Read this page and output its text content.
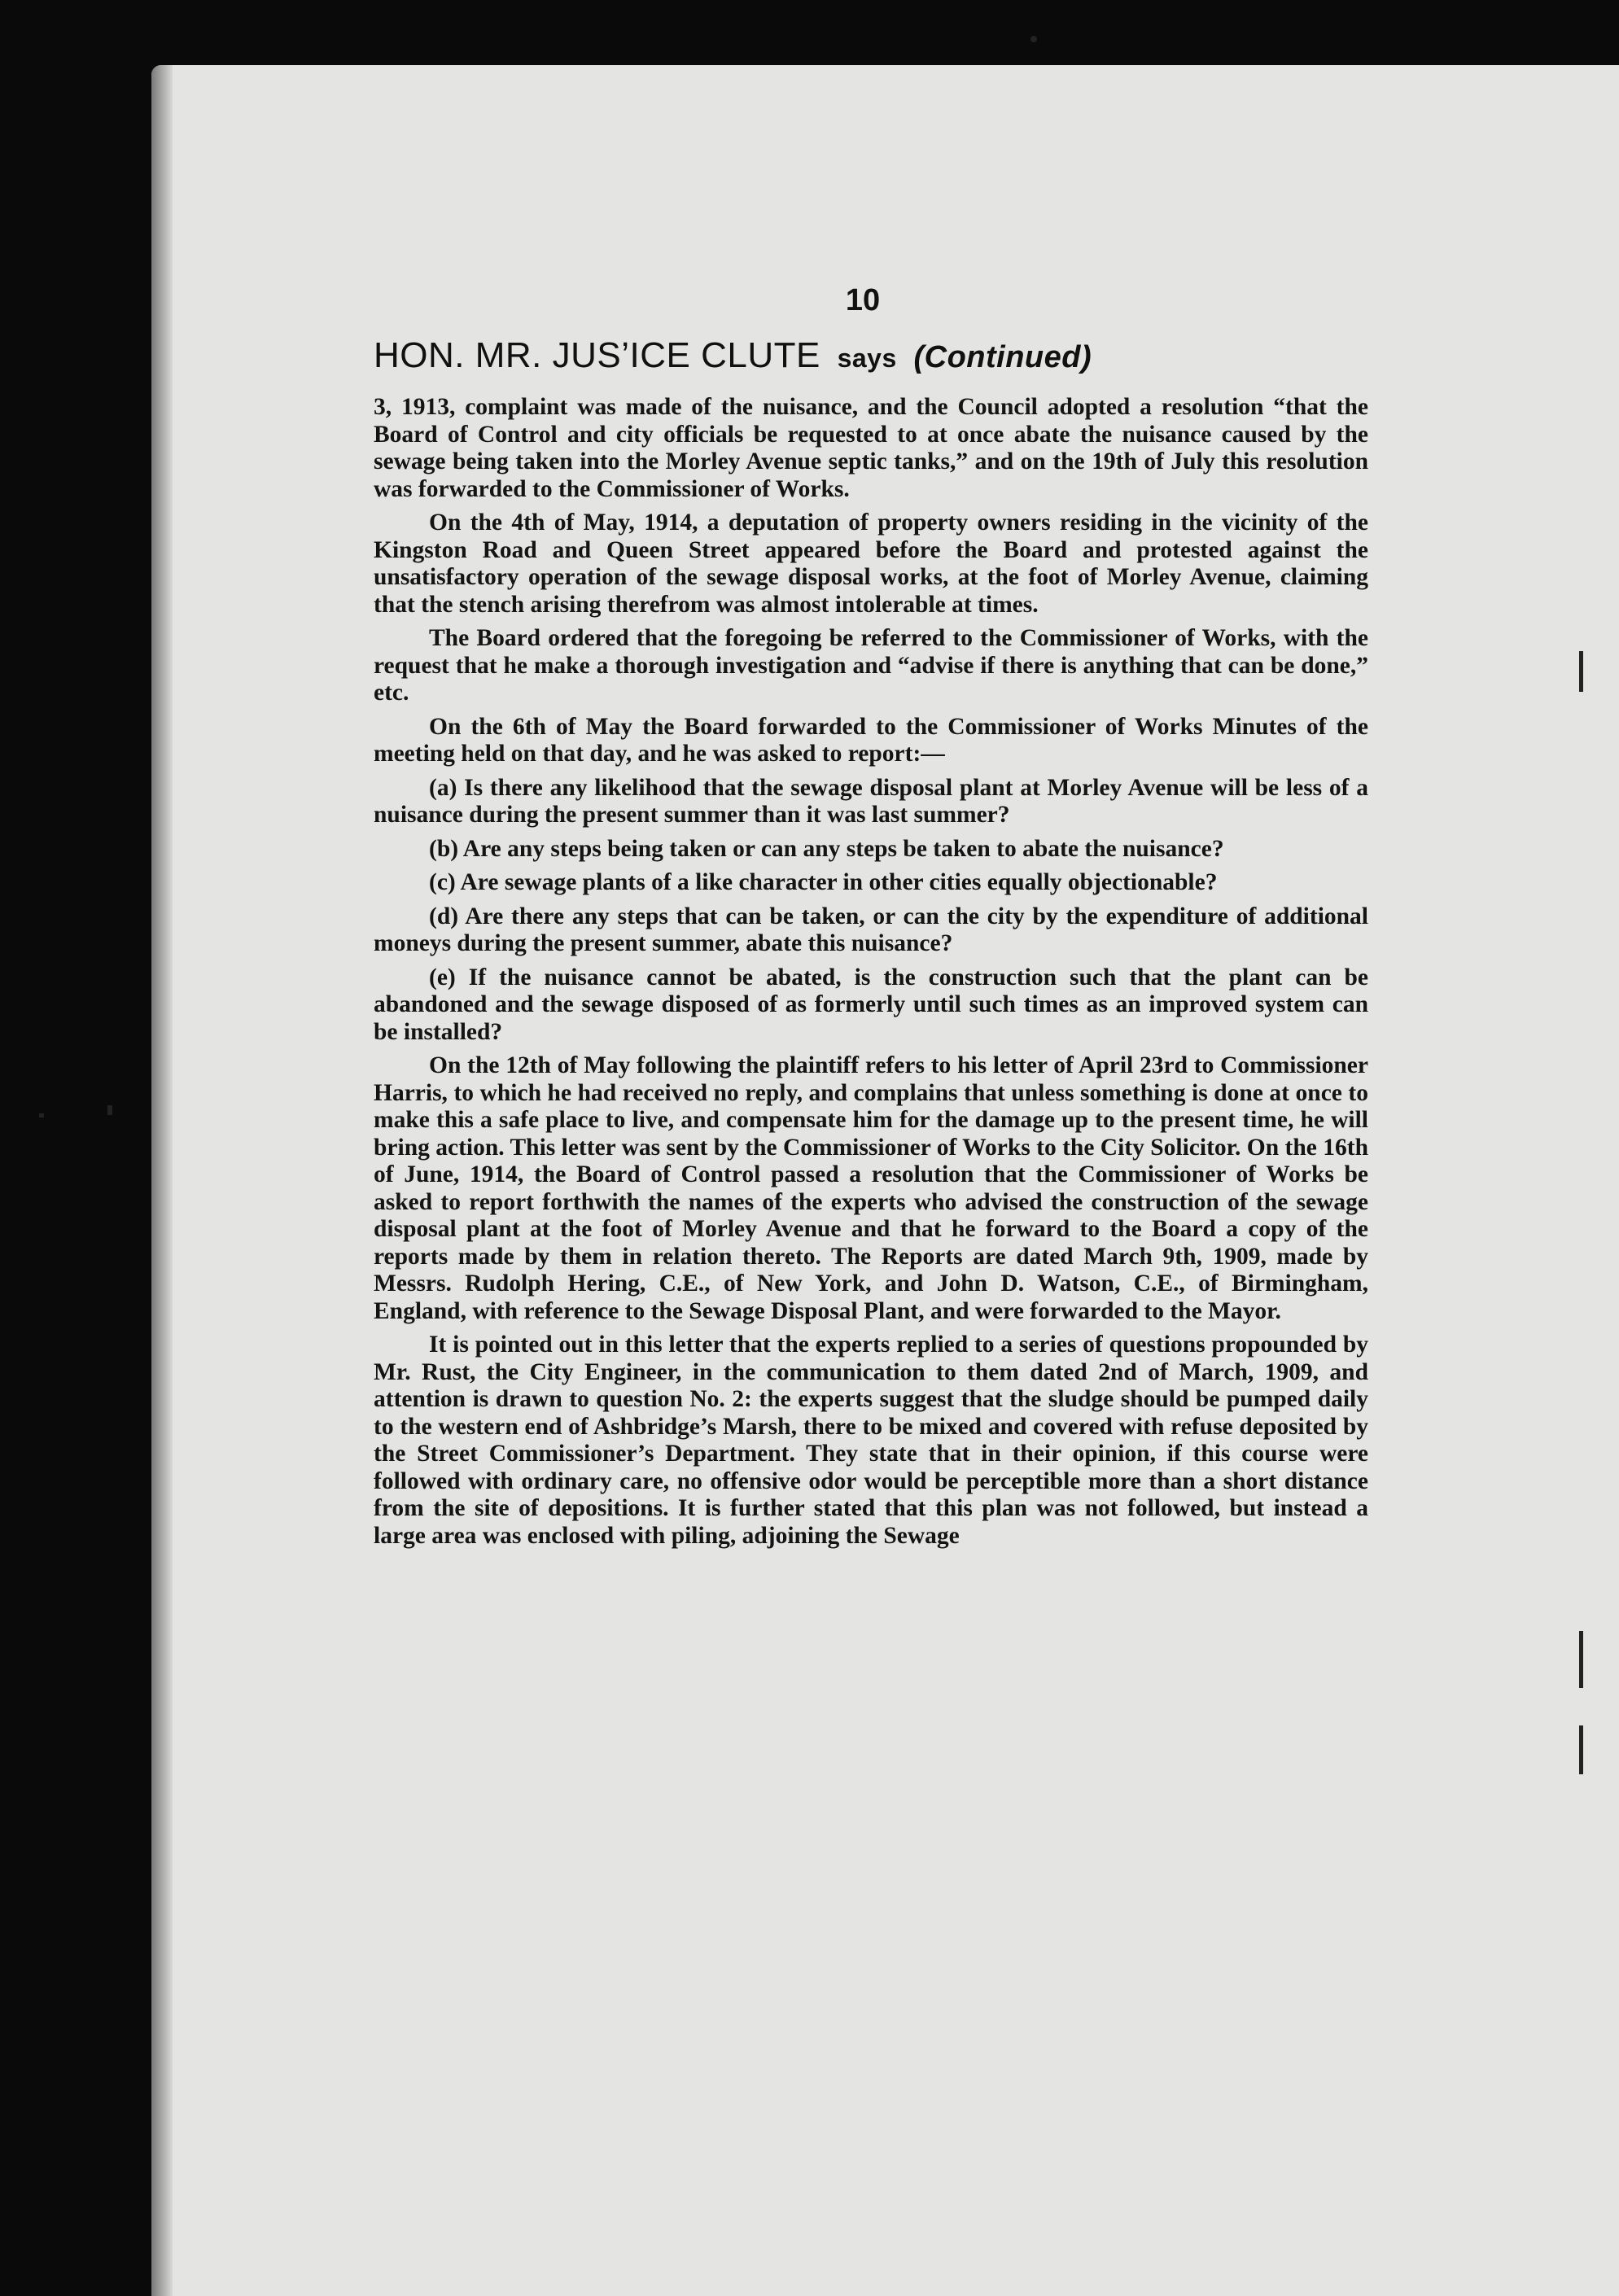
10
HON. MR. JUS’ICE CLUTE says (Continued)

3, 1913, complaint was made of the nuisance, and the Council adopted a resolution “that the Board of Control and city officials be requested to at once abate the nuisance caused by the sewage being taken into the Morley Avenue septic tanks,” and on the 19th of July this resolution was forwarded to the Commissioner of Works.

On the 4th of May, 1914, a deputation of property owners residing in the vicinity of the Kingston Road and Queen Street appeared before the Board and protested against the unsatisfactory operation of the sewage disposal works, at the foot of Morley Avenue, claiming that the stench arising therefrom was almost intolerable at times.

The Board ordered that the foregoing be referred to the Commissioner of Works, with the request that he make a thorough investigation and “advise if there is anything that can be done,” etc.

On the 6th of May the Board forwarded to the Commissioner of Works Minutes of the meeting held on that day, and he was asked to report:—

(a) Is there any likelihood that the sewage disposal plant at Morley Avenue will be less of a nuisance during the present summer than it was last summer?

(b) Are any steps being taken or can any steps be taken to abate the nuisance?

(c) Are sewage plants of a like character in other cities equally objectionable?

(d) Are there any steps that can be taken, or can the city by the expenditure of additional moneys during the present summer, abate this nuisance?

(e) If the nuisance cannot be abated, is the construction such that the plant can be abandoned and the sewage disposed of as formerly until such times as an improved system can be installed?

On the 12th of May following the plaintiff refers to his letter of April 23rd to Commissioner Harris, to which he had received no reply, and complains that unless something is done at once to make this a safe place to live, and compensate him for the damage up to the present time, he will bring action. This letter was sent by the Commissioner of Works to the City Solicitor. On the 16th of June, 1914, the Board of Control passed a resolution that the Commissioner of Works be asked to report forthwith the names of the experts who advised the construction of the sewage disposal plant at the foot of Morley Avenue and that he forward to the Board a copy of the reports made by them in relation thereto. The Reports are dated March 9th, 1909, made by Messrs. Rudolph Hering, C.E., of New York, and John D. Watson, C.E., of Birmingham, England, with reference to the Sewage Disposal Plant, and were forwarded to the Mayor.

It is pointed out in this letter that the experts replied to a series of questions propounded by Mr. Rust, the City Engineer, in the communication to them dated 2nd of March, 1909, and attention is drawn to question No. 2: the experts suggest that the sludge should be pumped daily to the western end of Ashbridge’s Marsh, there to be mixed and covered with refuse deposited by the Street Commissioner’s Department. They state that in their opinion, if this course were followed with ordinary care, no offensive odor would be perceptible more than a short distance from the site of depositions. It is further stated that this plan was not followed, but instead a large area was enclosed with piling, adjoining the Sewage
